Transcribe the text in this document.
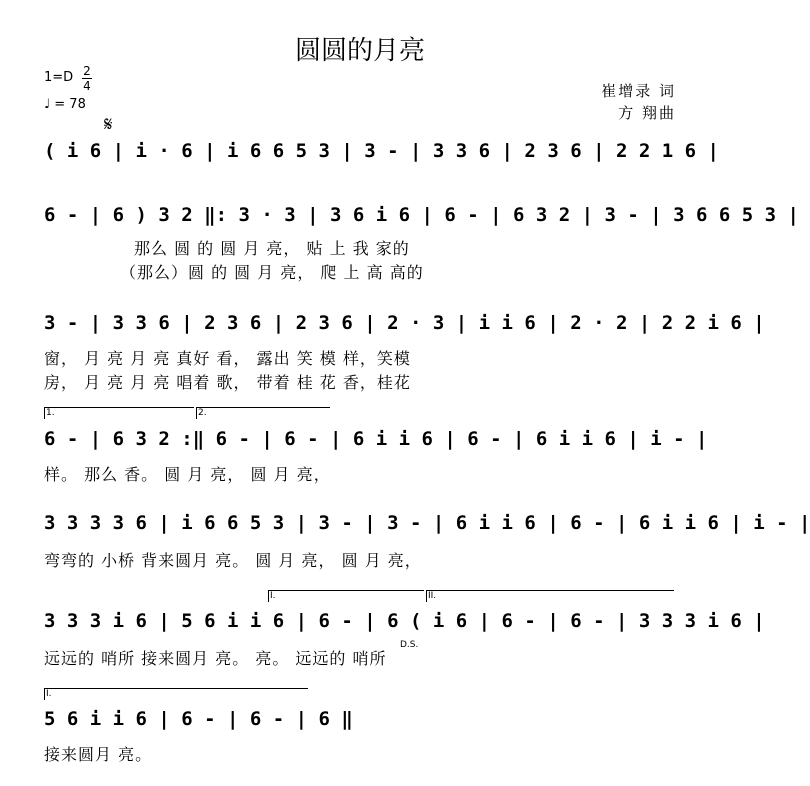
圆圆的月亮
1=D 2
4
♩ = 78
崔增录 词
方 翔曲
𝄋
( i 6 | i · 6 | i 6 6 5 3 | 3 - | 3 3 6 | 2 3 6 | 2 2 1 6 |
6 - | 6 ) 3 2 ‖: 3 · 3 | 3 6 i 6 | 6 - | 6 3 2 | 3 - | 3 6 6 5 3 |
那么 圆 的 圆 月 亮， 贴 上 我 家的
（那么）圆 的 圆 月 亮， 爬 上 高 高的
3 - | 3 3 6 | 2 3 6 | 2 3 6 | 2 · 3 | i i 6 | 2 · 2 | 2 2 i 6 |
窗， 月 亮 月 亮 真好 看， 露出 笑 模 样，笑模
房， 月 亮 月 亮 唱着 歌， 带着 桂 花 香，桂花
1.	2.
6 - | 6 3 2 :‖ 6 - | 6 - | 6 i i 6 | 6 - | 6 i i 6 | i - |
样。 那么 香。 圆 月 亮， 圆 月 亮，
3 3 3 3 6 | i 6 6 5 3 | 3 - | 3 - | 6 i i 6 | 6 - | 6 i i 6 | i - |
弯弯的 小桥 背来圆月 亮。 圆 月 亮， 圆 月 亮，
I.	II.
3 3 3 i 6 | 5 6 i i 6 | 6 - | 6 ( i 6 | 6 - | 6 - | 3 3 3 i 6 |
D.S.
远远的 哨所 接来圆月 亮。 亮。 远远的 哨所
I.
5 6 i i 6 | 6 - | 6 - | 6 ‖
接来圆月 亮。
